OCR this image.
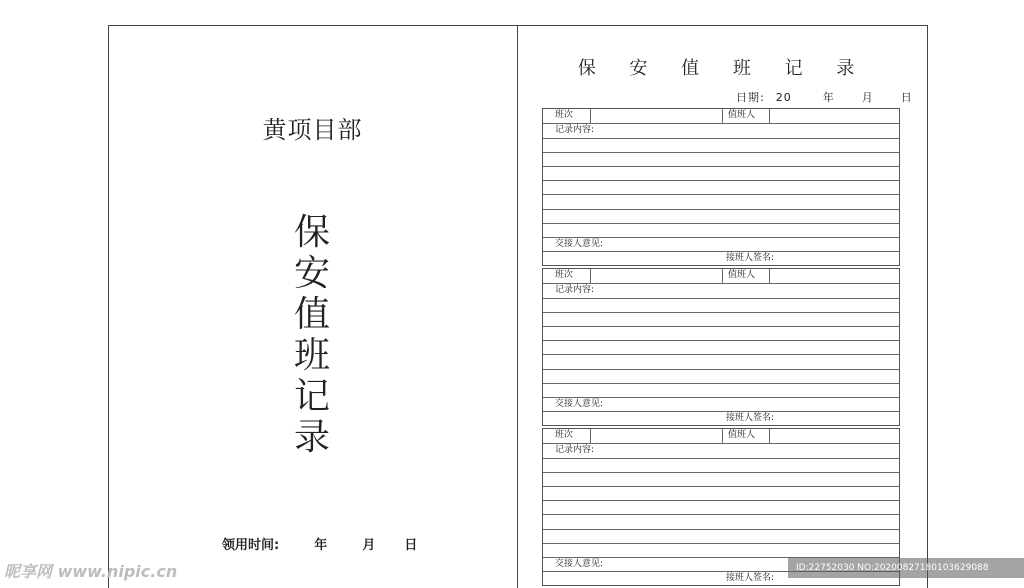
黄项目部
保
安
值
班
记
录
领用时间:	年	月 日
保 安 值 班 记 录
日期: 20	年 月 日
班次	值班人
记录内容:
交接人意见:
接班人签名:
班次	值班人
记录内容:
交接人意见:
接班人签名:
班次	值班人
记录内容:
交接人意见:
接班人签名:
昵享网 www.nipic.cn	ID:22752030 NO:20200827180103629088
